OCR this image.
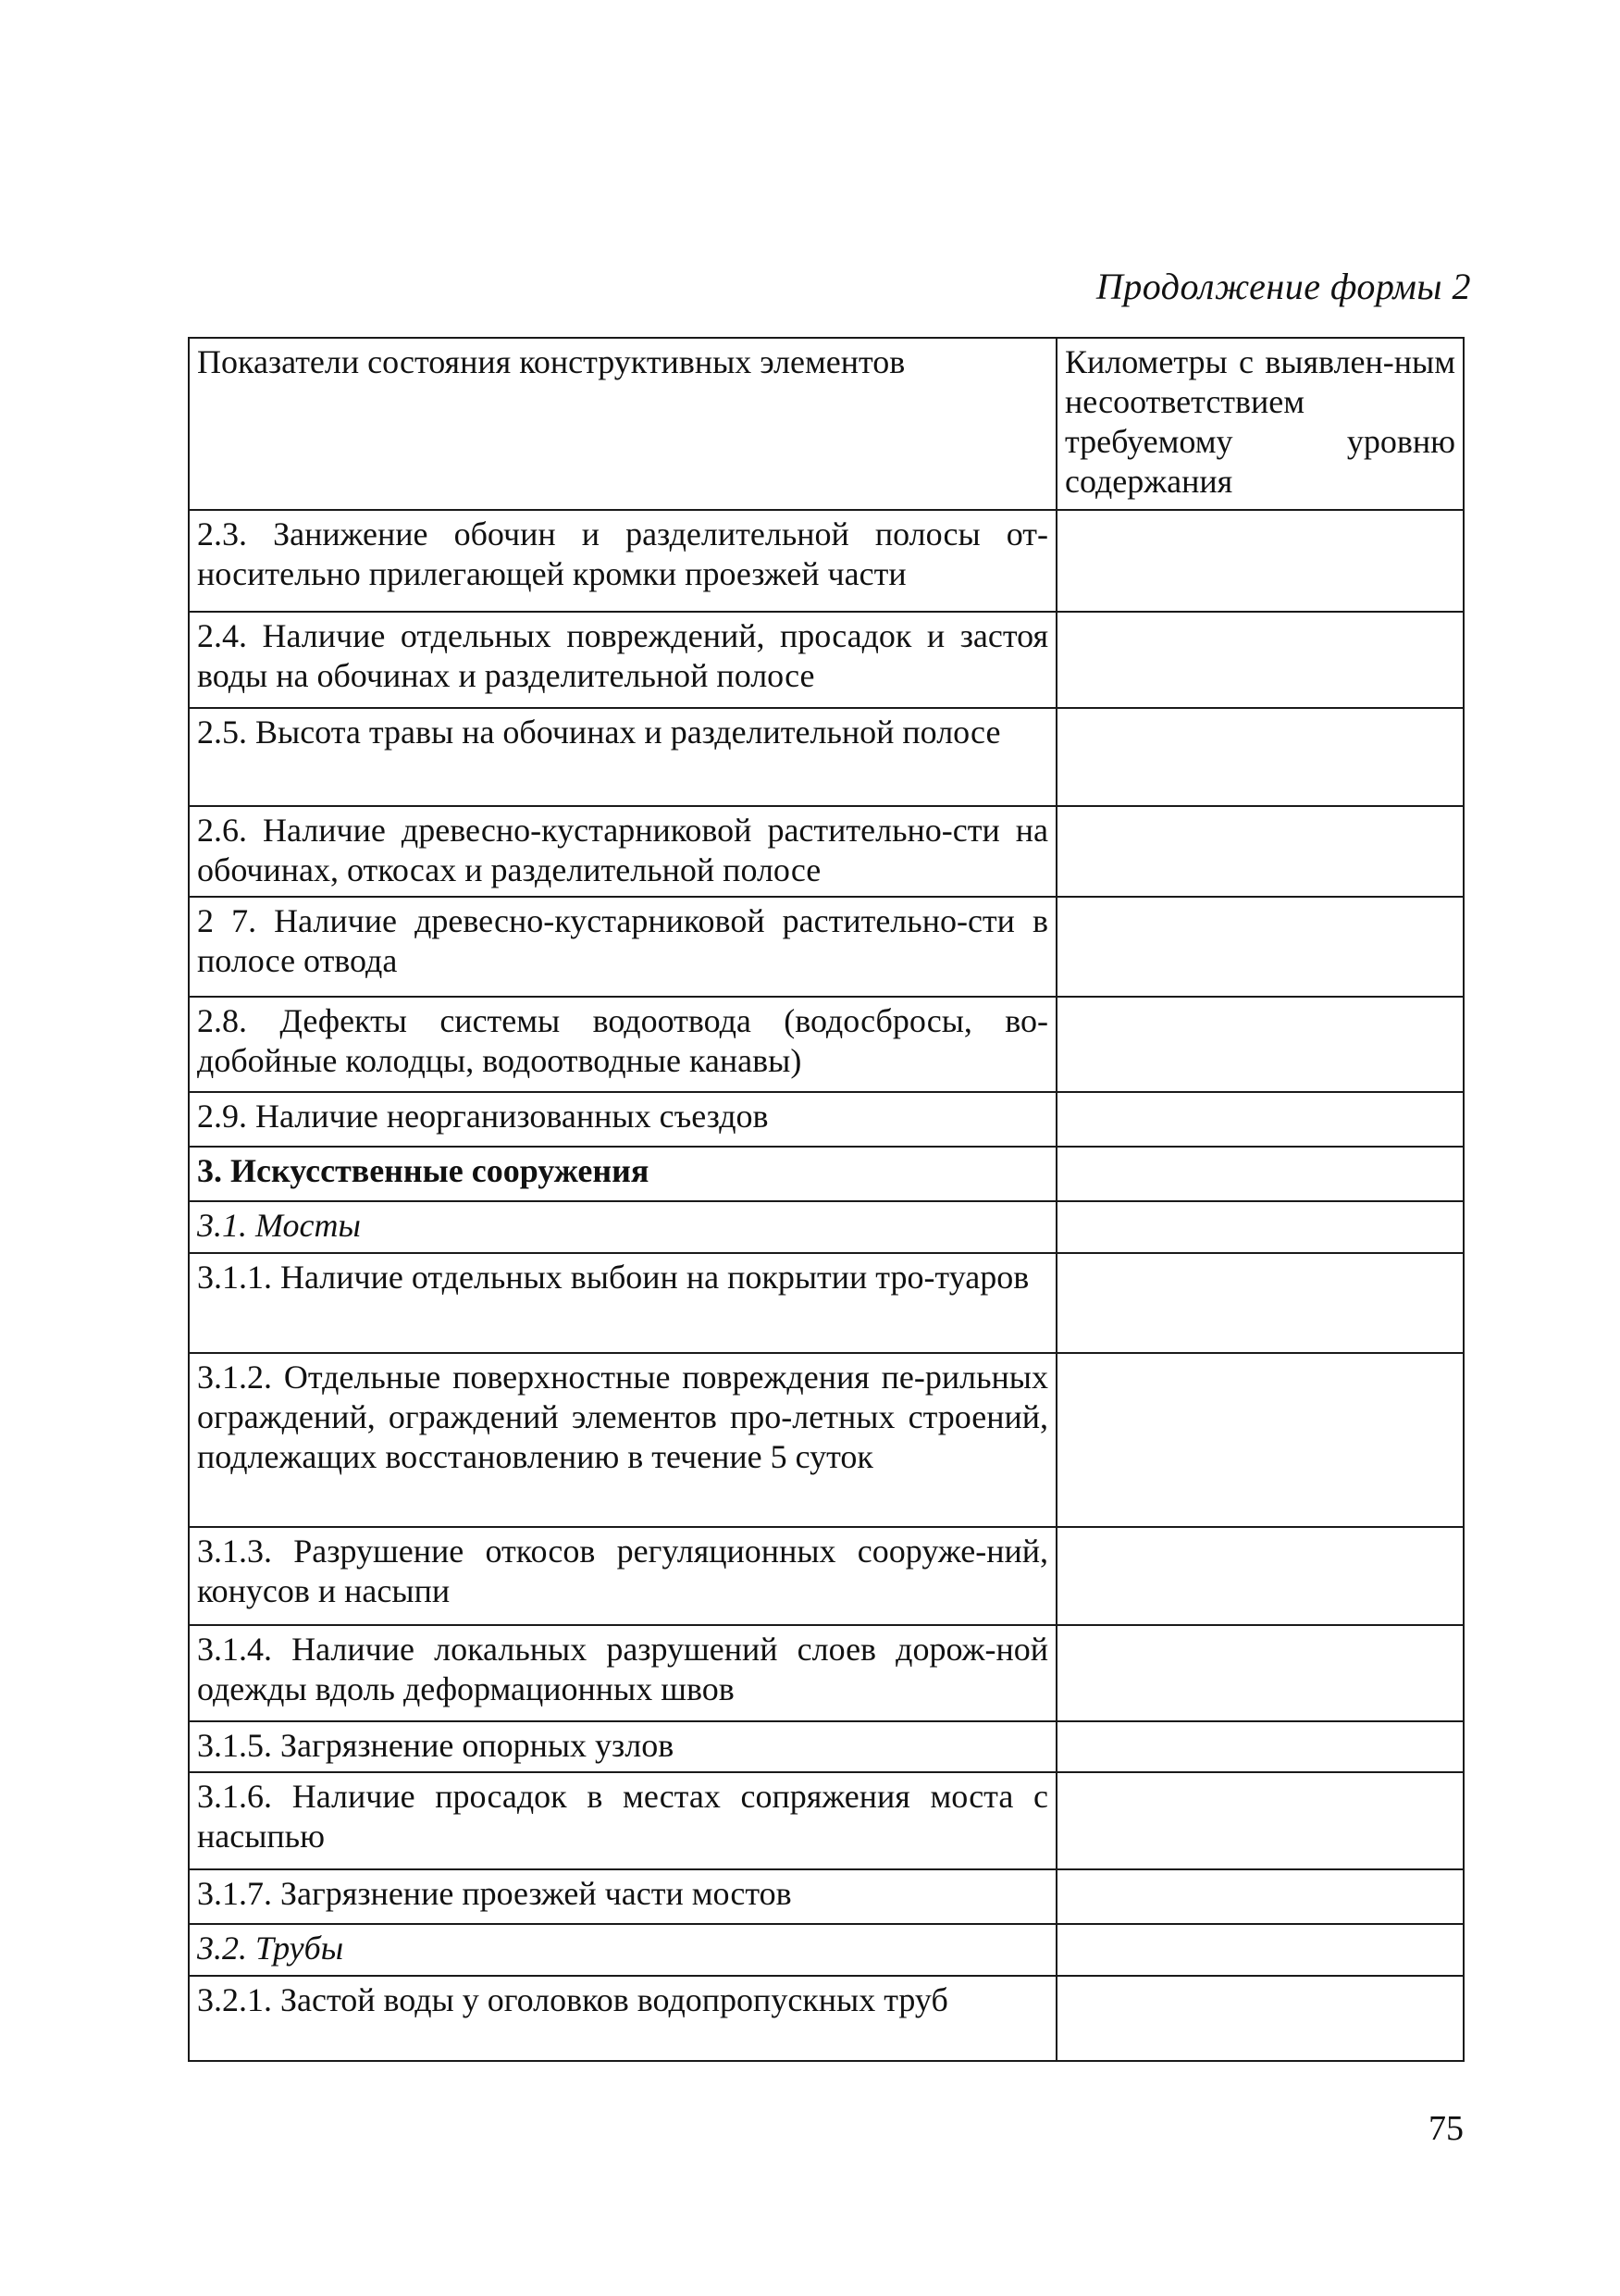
Продолжение формы 2
Показатели состояния конструктивных элементов	Километры с выявлен-ным несоответствием требуемому уровню содержания
2.3. Занижение обочин и разделительной полосы от-носительно прилегающей кромки проезжей части	
2.4. Наличие отдельных повреждений, просадок и застоя воды на обочинах и разделительной полосе	
2.5. Высота травы на обочинах и разделительной полосе	
2.6. Наличие древесно-кустарниковой растительно-сти на обочинах, откосах и разделительной полосе	
2 7. Наличие древесно-кустарниковой растительно-сти в полосе отвода	
2.8. Дефекты системы водоотвода (водосбросы, во-добойные колодцы, водоотводные канавы)	
2.9. Наличие неорганизованных съездов	
3. Искусственные сооружения	
3.1. Мосты	
3.1.1. Наличие отдельных выбоин на покрытии тро-туаров	
3.1.2. Отдельные поверхностные повреждения пе-рильных ограждений, ограждений элементов про-летных строений, подлежащих восстановлению в течение 5 суток	
3.1.3. Разрушение откосов регуляционных сооруже-ний, конусов и насыпи	
3.1.4. Наличие локальных разрушений слоев дорож-ной одежды вдоль деформационных швов	
3.1.5. Загрязнение опорных узлов	
3.1.6. Наличие просадок в местах сопряжения моста с насыпью	
3.1.7. Загрязнение проезжей части мостов	
3.2. Трубы	
3.2.1. Застой воды у оголовков водопропускных труб	
75
